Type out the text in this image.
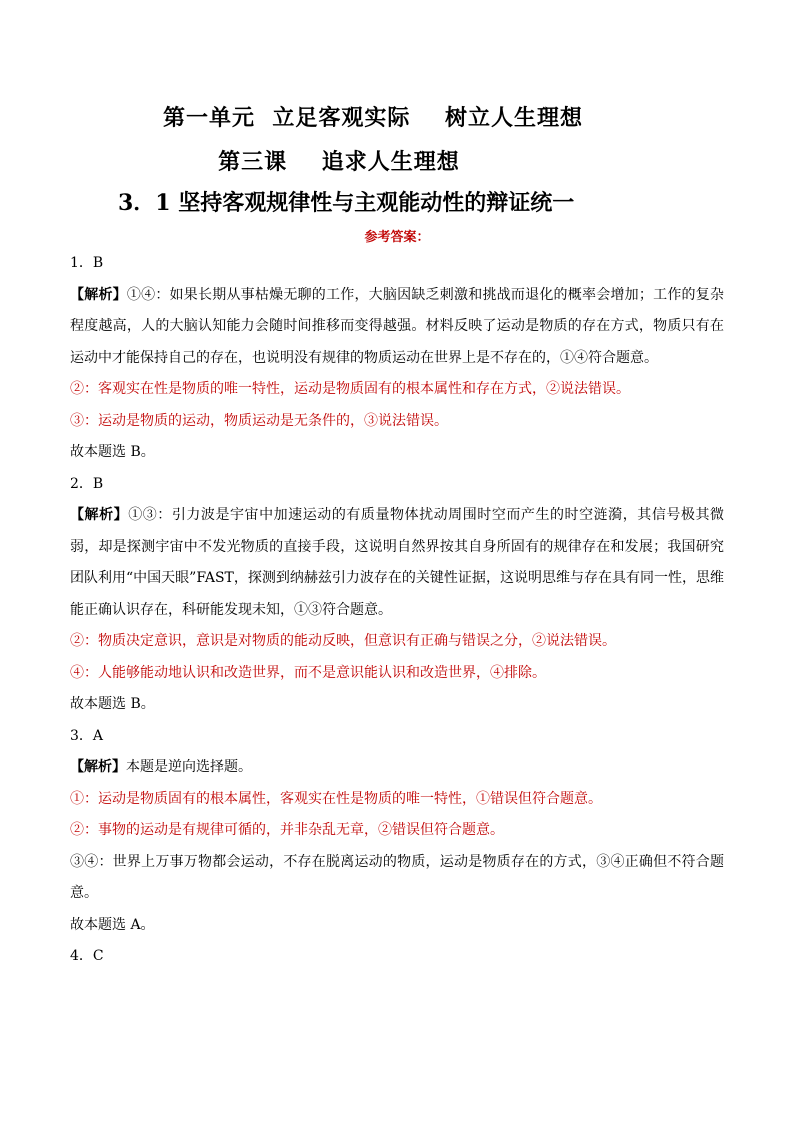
第一单元  立足客观实际    树立人生理想
第三课    追求人生理想
3．1 坚持客观规律性与主观能动性的辩证统一
参考答案：
1．B
【解析】①④：如果长期从事枯燥无聊的工作，大脑因缺乏刺激和挑战而退化的概率会增加；工作的复杂程度越高，人的大脑认知能力会随时间推移而变得越强。材料反映了运动是物质的存在方式，物质只有在运动中才能保持自己的存在，也说明没有规律的物质运动在世界上是不存在的，①④符合题意。
②：客观实在性是物质的唯一特性，运动是物质固有的根本属性和存在方式，②说法错误。
③：运动是物质的运动，物质运动是无条件的，③说法错误。
故本题选 B。
2．B
【解析】①③：引力波是宇宙中加速运动的有质量物体扰动周围时空而产生的时空涟漪，其信号极其微弱，却是探测宇宙中不发光物质的直接手段，这说明自然界按其自身所固有的规律存在和发展；我国研究团队利用“中国天眼”FAST，探测到纳赫兹引力波存在的关键性证据，这说明思维与存在具有同一性，思维能正确认识存在，科研能发现未知，①③符合题意。
②：物质决定意识，意识是对物质的能动反映，但意识有正确与错误之分，②说法错误。
④：人能够能动地认识和改造世界，而不是意识能认识和改造世界，④排除。
故本题选 B。
3．A
【解析】本题是逆向选择题。
①：运动是物质固有的根本属性，客观实在性是物质的唯一特性，①错误但符合题意。
②：事物的运动是有规律可循的，并非杂乱无章，②错误但符合题意。
③④：世界上万事万物都会运动，不存在脱离运动的物质，运动是物质存在的方式，③④正确但不符合题意。
故本题选 A。
4．C
